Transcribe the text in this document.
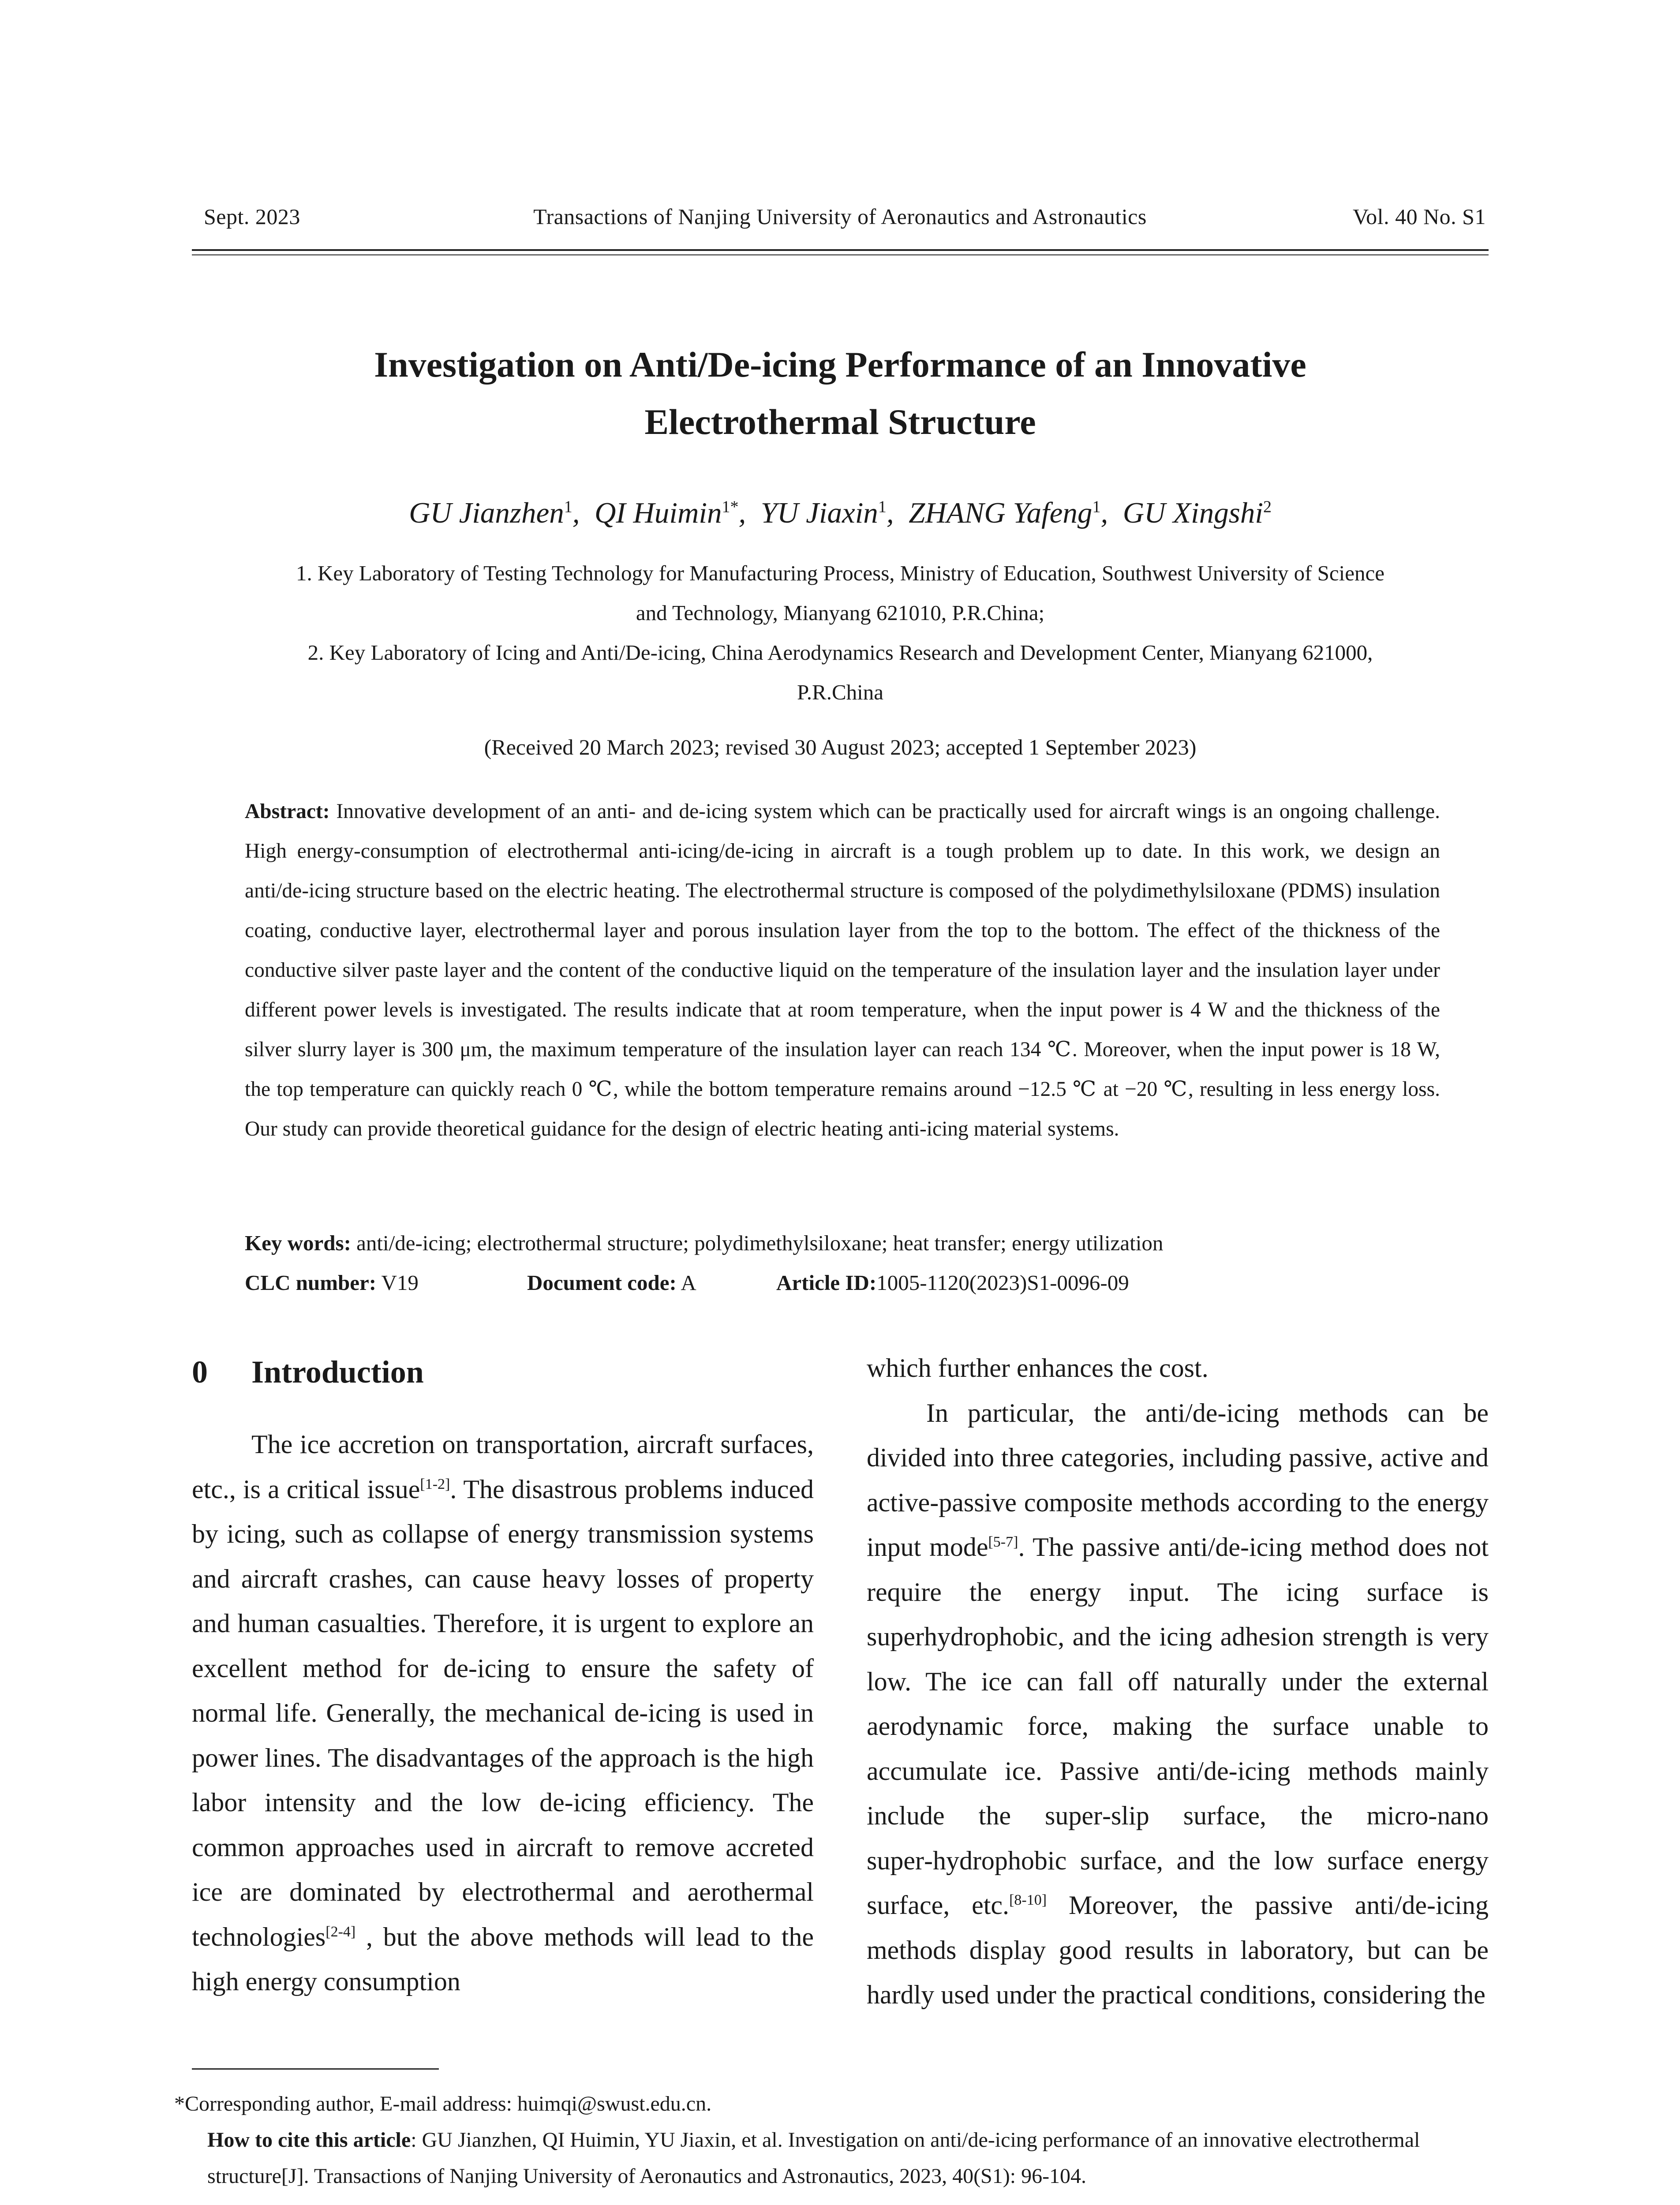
Sept. 2023	Transactions of Nanjing University of Aeronautics and Astronautics	Vol. 40 No. S1
Investigation on Anti/De‑icing Performance of an Innovative
Electrothermal Structure
GU Jianzhen$^1$,  QI Huimin$^{1*}$,  YU Jiaxin$^1$,  ZHANG Yafeng$^1$,  GU Xingshi$^2$
1. Key Laboratory of Testing Technology for Manufacturing Process, Ministry of Education, Southwest University of Science
and Technology, Mianyang 621010, P.R.China;
2. Key Laboratory of Icing and Anti/De‑icing, China Aerodynamics Research and Development Center, Mianyang 621000,
P.R.China
(Received 20 March 2023; revised 30 August 2023; accepted 1 September 2023)
Abstract: Innovative development of an anti‑ and de‑icing system which can be practically used for aircraft wings is an ongoing challenge. High energy‑consumption of electrothermal anti‑icing/de‑icing in aircraft is a tough problem up to date. In this work, we design an anti/de‑icing structure based on the electric heating. The electrothermal structure is composed of the polydimethylsiloxane (PDMS) insulation coating, conductive layer, electrothermal layer and porous insulation layer from the top to the bottom. The effect of the thickness of the conductive silver paste layer and the content of the conductive liquid on the temperature of the insulation layer and the insulation layer under different power levels is investigated. The results indicate that at room temperature, when the input power is 4 W and the thickness of the silver slurry layer is 300 μm, the maximum temperature of the insulation layer can reach 134 ℃. Moreover, when the input power is 18 W, the top temperature can quickly reach 0 ℃, while the bottom temperature remains around −12.5 ℃ at −20 ℃, resulting in less energy loss. Our study can provide theoretical guidance for the design of electric heating anti‑icing material systems.
Key words: anti/de‑icing; electrothermal structure; polydimethylsiloxane; heat transfer; energy utilization
CLC number: V19	Document code: A	Article ID:1005‑1120(2023)S1‑0096‑09
0 Introduction

The ice accretion on transportation, aircraft surfaces, etc., is a critical issue[1‑2]. The disastrous problems induced by icing, such as collapse of energy transmission systems and aircraft crashes, can cause heavy losses of property and human casualties. Therefore, it is urgent to explore an excellent method for de‑icing to ensure the safety of normal life. Generally, the mechanical de‑icing is used in power lines. The disadvantages of the approach is the high labor intensity and the low de‑icing efficiency. The common approaches used in aircraft to remove accreted ice are dominated by electrothermal and aerothermal technologies[2‑4] , but the above methods will lead to the high energy consumption

which further enhances the cost.

In particular, the anti/de‑icing methods can be divided into three categories, including passive, active and active‑passive composite methods according to the energy input mode[5‑7]. The passive anti/de‑icing method does not require the energy input. The icing surface is superhydrophobic, and the icing adhesion strength is very low. The ice can fall off naturally under the external aerodynamic force, making the surface unable to accumulate ice. Passive anti/de‑icing methods mainly include the super‑slip surface, the micro‑nano super‑hydrophobic surface, and the low surface energy surface, etc.[8‑10] Moreover, the passive anti/de‑icing methods display good results in laboratory, but can be hardly used under the practical conditions, considering the

*Corresponding author, E‑mail address: huimqi@swust.edu.cn.
How to cite this article: GU Jianzhen, QI Huimin, YU Jiaxin, et al. Investigation on anti/de‑icing performance of an innovative electrothermal structure[J]. Transactions of Nanjing University of Aeronautics and Astronautics, 2023, 40(S1): 96‑104.
